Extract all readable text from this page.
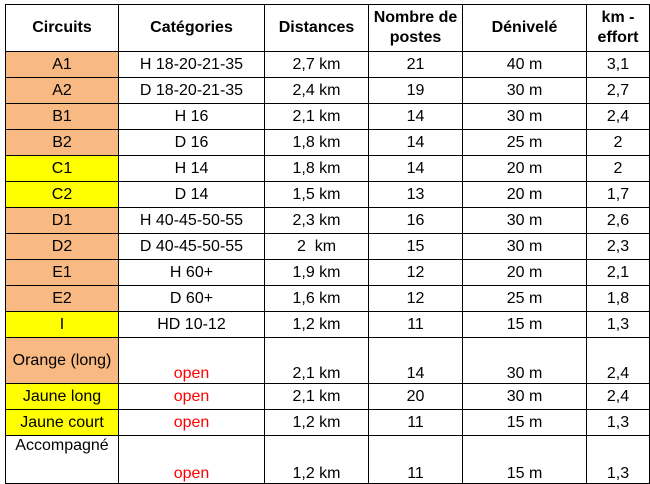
Circuits	Catégories	Distances	Nombre de postes	Dénivelé	km - effort
A1	H 18-20-21-35	2,7 km	21	40 m	3,1
A2	D 18-20-21-35	2,4 km	19	30 m	2,7
B1	H 16	2,1 km	14	30 m	2,4
B2	D 16	1,8 km	14	25 m	2
C1	H 14	1,8 km	14	20 m	2
C2	D 14	1,5 km	13	20 m	1,7
D1	H 40-45-50-55	2,3 km	16	30 m	2,6
D2	D 40-45-50-55	2  km	15	30 m	2,3
E1	H 60+	1,9 km	12	20 m	2,1
E2	D 60+	1,6 km	12	25 m	1,8
I	HD 10-12	1,2 km	11	15 m	1,3
Orange (long)	open	2,1 km	14	30 m	2,4
Jaune long	open	2,1 km	20	30 m	2,4
Jaune court	open	1,2 km	11	15 m	1,3
Accompagné	open	1,2 km	11	15 m	1,3
